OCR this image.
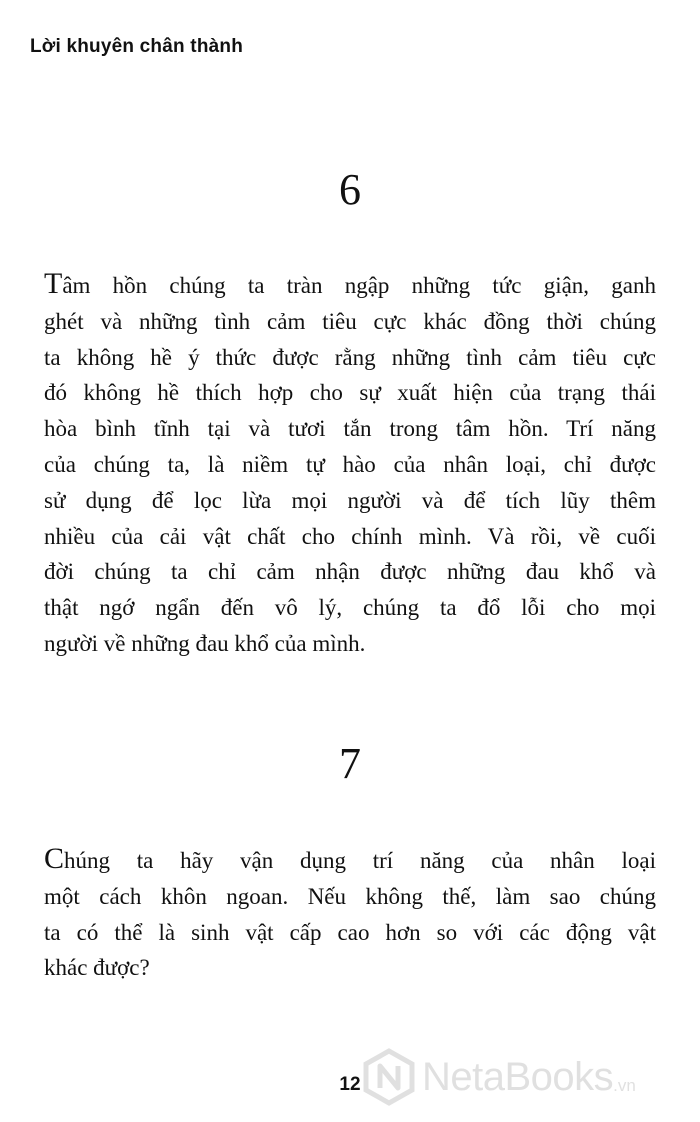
Lời khuyên chân thành
6
Tâm hồn chúng ta tràn ngập những tức giận, ganh
ghét và những tình cảm tiêu cực khác đồng thời chúng
ta không hề ý thức được rằng những tình cảm tiêu cực
đó không hề thích hợp cho sự xuất hiện của trạng thái
hòa bình tĩnh tại và tươi tắn trong tâm hồn. Trí năng
của chúng ta, là niềm tự hào của nhân loại, chỉ được
sử dụng để lọc lừa mọi người và để tích lũy thêm
nhiều của cải vật chất cho chính mình. Và rồi, về cuối
đời chúng ta chỉ cảm nhận được những đau khổ và
thật ngớ ngẩn đến vô lý, chúng ta đổ lỗi cho mọi
người về những đau khổ của mình.
7
Chúng ta hãy vận dụng trí năng của nhân loại
một cách khôn ngoan. Nếu không thế, làm sao chúng
ta có thể là sinh vật cấp cao hơn so với các động vật
khác được?
12	NetaBooks .vn
